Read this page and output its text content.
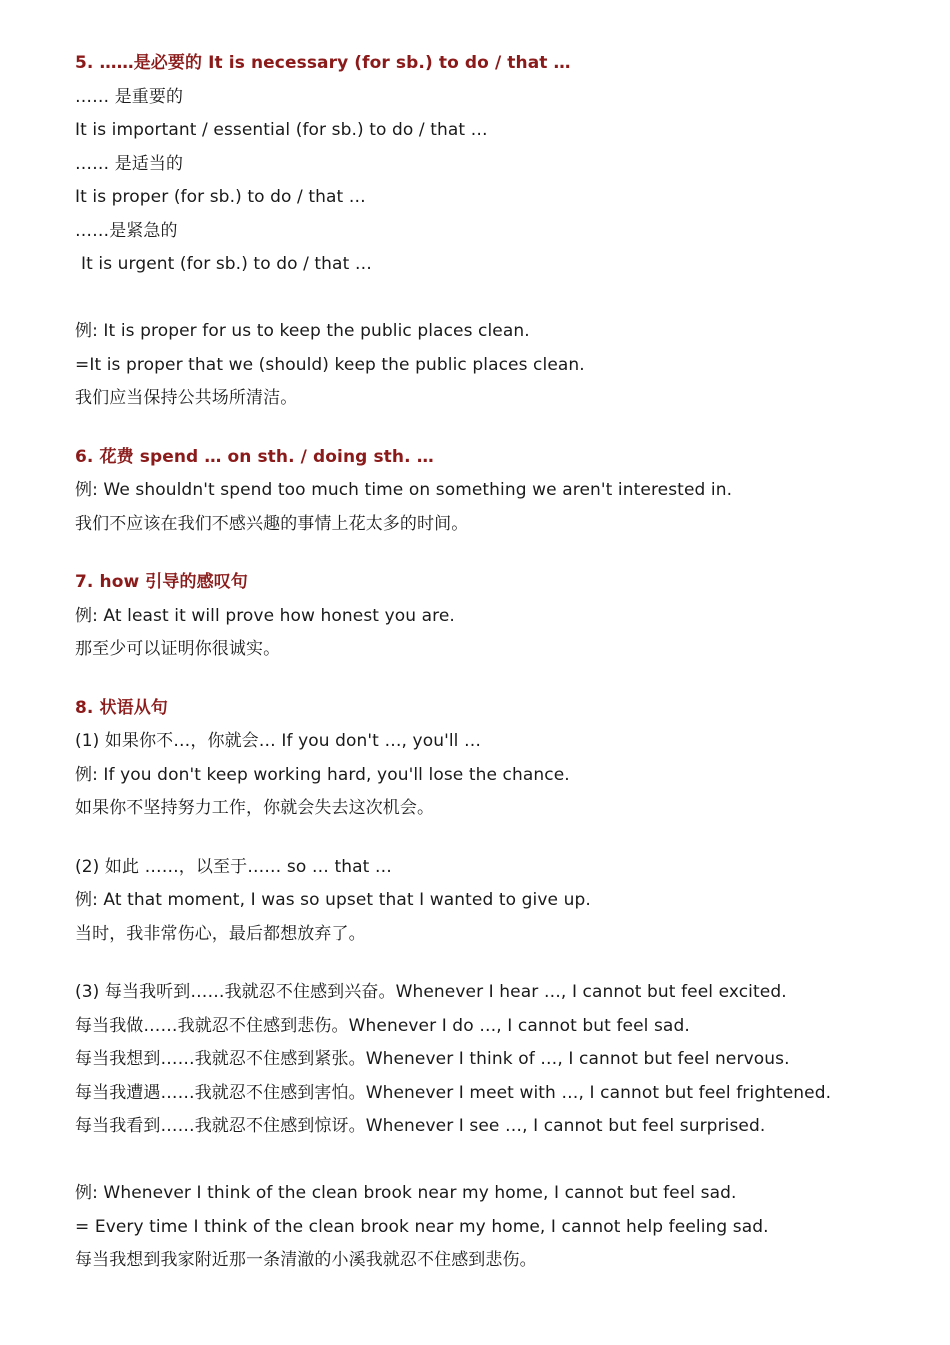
5. ……是必要的 It is necessary (for sb.) to do / that …
…… 是重要的
It is important / essential (for sb.) to do / that …
…… 是适当的
It is proper (for sb.) to do / that …
……是紧急的
It is urgent (for sb.) to do / that …
例: It is proper for us to keep the public places clean.
=It is proper that we (should) keep the public places clean.
我们应当保持公共场所清洁。
6. 花费 spend … on sth. / doing sth. …
例: We shouldn't spend too much time on something we aren't interested in.
我们不应该在我们不感兴趣的事情上花太多的时间。
7. how 引导的感叹句
例: At least it will prove how honest you are.
那至少可以证明你很诚实。
8. 状语从句
(1) 如果你不…，你就会… If you don't …, you'll …
例: If you don't keep working hard, you'll lose the chance.
如果你不坚持努力工作，你就会失去这次机会。
(2) 如此 ……，以至于…… so … that …
例: At that moment, I was so upset that I wanted to give up.
当时，我非常伤心，最后都想放弃了。
(3) 每当我听到……我就忍不住感到兴奋。Whenever I hear …, I cannot but feel excited.
每当我做……我就忍不住感到悲伤。Whenever I do …, I cannot but feel sad.
每当我想到……我就忍不住感到紧张。Whenever I think of …, I cannot but feel nervous.
每当我遭遇……我就忍不住感到害怕。Whenever I meet with …, I cannot but feel frightened.
每当我看到……我就忍不住感到惊讶。Whenever I see …, I cannot but feel surprised.
例: Whenever I think of the clean brook near my home, I cannot but feel sad.
= Every time I think of the clean brook near my home, I cannot help feeling sad.
每当我想到我家附近那一条清澈的小溪我就忍不住感到悲伤。
